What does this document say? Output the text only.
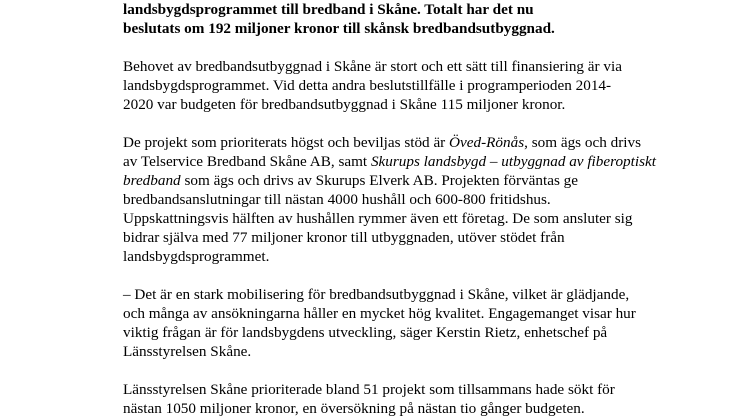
landsbygdsprogrammet till bredband i Skåne. Totalt har det nu
beslutats om 192 miljoner kronor till skånsk bredbandsutbyggnad.
Behovet av bredbandsutbyggnad i Skåne är stort och ett sätt till finansiering är via
landsbygdsprogrammet. Vid detta andra beslutstillfälle i programperioden 2014-
2020 var budgeten för bredbandsutbyggnad i Skåne 115 miljoner kronor.
De projekt som prioriterats högst och beviljas stöd är Öved-Rönås, som ägs och drivs
av Telservice Bredband Skåne AB, samt Skurups landsbygd – utbyggnad av fiberoptiskt
bredband som ägs och drivs av Skurups Elverk AB. Projekten förväntas ge
bredbandsanslutningar till nästan 4000 hushåll och 600-800 fritidshus.
Uppskattningsvis hälften av hushållen rymmer även ett företag. De som ansluter sig
bidrar själva med 77 miljoner kronor till utbyggnaden, utöver stödet från
landsbygdsprogrammet.
– Det är en stark mobilisering för bredbandsutbyggnad i Skåne, vilket är glädjande,
och många av ansökningarna håller en mycket hög kvalitet. Engagemanget visar hur
viktig frågan är för landsbygdens utveckling, säger Kerstin Rietz, enhetschef på
Länsstyrelsen Skåne.
Länsstyrelsen Skåne prioriterade bland 51 projekt som tillsammans hade sökt för
nästan 1050 miljoner kronor, en översökning på nästan tio gånger budgeten.
